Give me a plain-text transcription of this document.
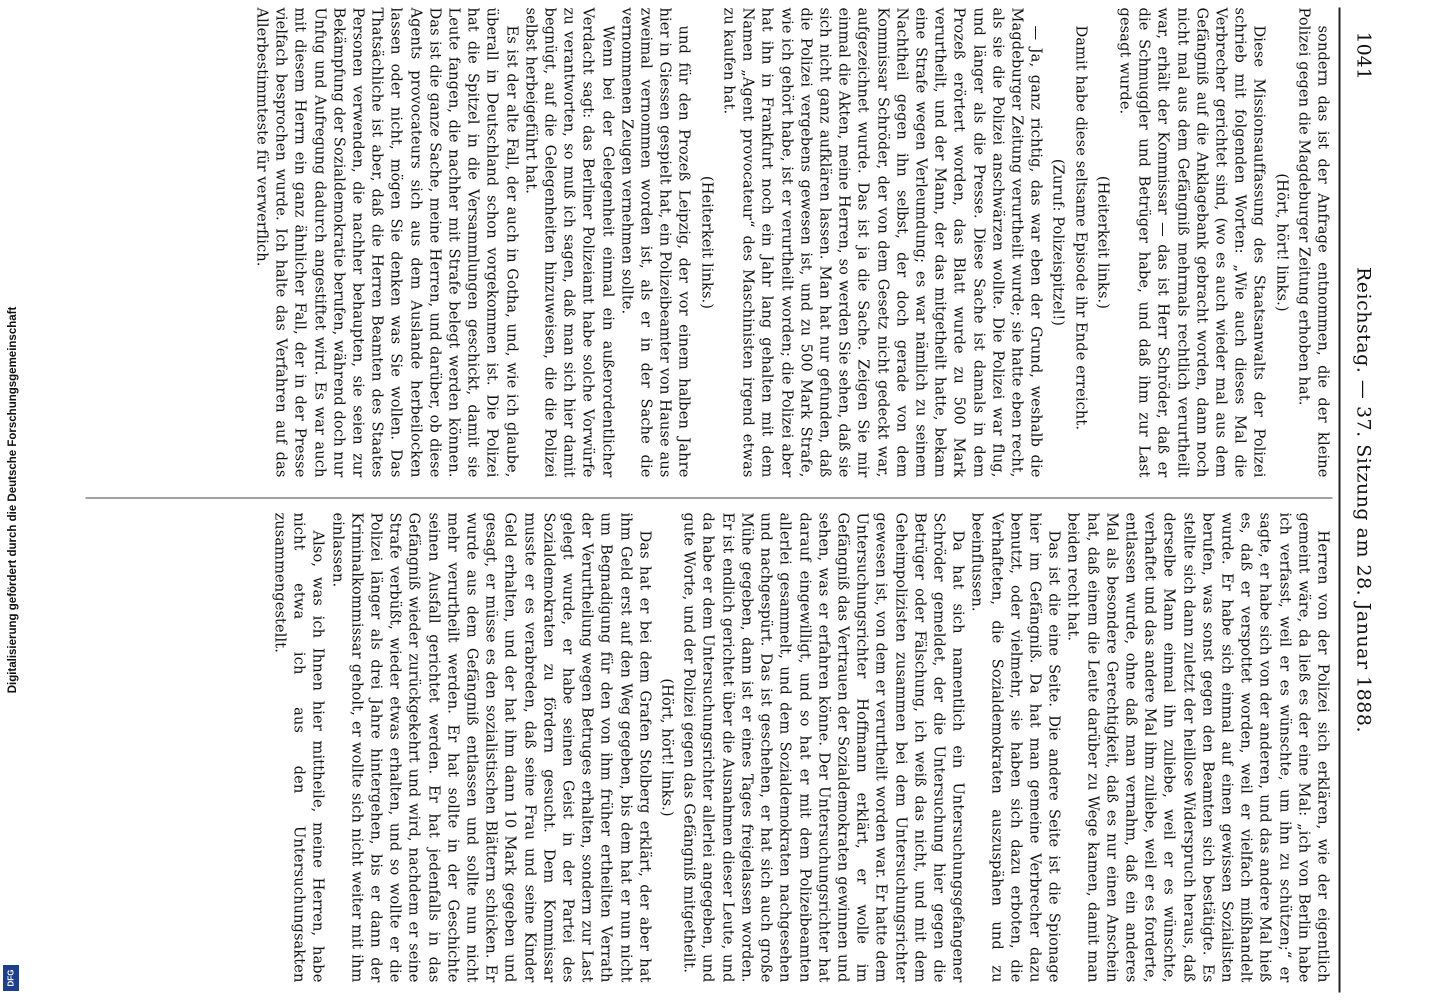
Digitalisierung gefördert durch die Deutsche Forschungsgemeinschaft
DFG
Reichstag. — 37. Sitzung am 28. Januar 1888.
1041

sondern das ist der Anfrage entnommen, die der kleine Polizei gegen die Magdeburger Zeitung erhoben hat.

(Hört, hört! links.)

Diese Missionsauffassung des Staatsanwalts der Polizei schrieb mit folgenden Worten: „Wie auch dieses Mal die Verbrecher gerichtet sind, (wo es auch wieder mal aus dem Gefängniß auf die Anklagebank gebracht worden, dann noch nicht mal aus dem Gefängniß mehrmals rechtlich verurtheilt war, erhält der Kommissar — das ist Herr Schröder, daß er die Schmuggler und Betrüger habe, und daß ihm zur Last gesagt wurde.

(Heiterkeit links.)

Damit habe diese seltsame Episode ihr Ende erreicht.

(Zuruf: Polizeispitzel!)

— Ja, ganz richtig, das war eben der Grund, weshalb die Magdeburger Zeitung verurtheilt wurde; sie hatte eben recht, als sie die Polizei anschwärzen wollte. Die Polizei war flug, und länger als die Presse. Diese Sache ist damals in dem Prozeß erörtert worden, das Blatt wurde zu 500 Mark verurtheilt, und der Mann, der das mitgetheilt hatte, bekam eine Strafe wegen Verleumdung; es war nämlich zu seinem Nachtheil gegen ihn selbst, der doch gerade von dem Kommissar Schröder, der von dem Gesetz nicht gedeckt war, aufgezeichnet wurde. Das ist ja die Sache. Zeigen Sie mir einmal die Akten, meine Herren, so werden Sie sehen, daß sie sich nicht ganz aufklären lassen. Man hat nur gefunden, daß die Polizei vergebens gewesen ist, und zu 500 Mark Strafe, wie ich gehört habe, ist er verurtheilt worden; die Polizei aber hat ihn in Frankfurt noch ein Jahr lang gehalten mit dem Namen „Agent provocateur“ des Maschinisten irgend etwas zu kaufen hat.

(Heiterkeit links.)

und für den Prozeß Leipzig, der vor einem halben Jahre hier in Giessen gespielt hat, ein Polizeibeamter von Hause aus zweimal vernommen worden ist, als er in der Sache die vernommenen Zeugen vernehmen sollte.

Wenn bei der Gelegenheit einmal ein außerordentlicher Verdacht sagt: das Berliner Polizeiamt habe solche Vorwürfe zu verantworten, so muß ich sagen, daß man sich hier damit begnügt, auf die Gelegenheiten hinzuweisen, die die Polizei selbst herbeigeführt hat.

Es ist der alte Fall, der auch in Gotha, und, wie ich glaube, überall in Deutschland schon vorgekommen ist. Die Polizei hat die Spitzel in die Versammlungen geschickt, damit sie Leute fangen, die nachher mit Strafe belegt werden können. Das ist die ganze Sache, meine Herren, und darüber, ob diese Agents provocateurs sich aus dem Auslande herbeilocken lassen oder nicht, mögen Sie denken was Sie wollen. Das Thatsächliche ist aber, daß die Herren Beamten des Staates Personen verwenden, die nachher behaupten, sie seien zur Bekämpfung der Sozialdemokratie berufen, während doch nur Unfug und Aufregung dadurch angestiftet wird. Es war auch mit diesem Herrn ein ganz ähnlicher Fall, der in der Presse vielfach besprochen wurde. Ich halte das Verfahren auf das Allerbestimmteste für verwerflich.

Herren von der Polizei sich erklären, wie der eigentlich gemeint wäre, da ließ es der eine Mal: „ich von Berlin habe ich verfasst, weil er es wünschte, um ihn zu schützen;“ er sagte, er habe sich von der anderen, und das andere Mal hieß es, daß er verspottet worden, weil er vielfach mißhandelt wurde. Er habe sich einmal auf einen gewissen Sozialisten berufen, was sonst gegen den Beamten sich bestätigte. Es stellte sich dann zuletzt der heillose Widerspruch heraus, daß derselbe Mann einmal ihn zuliebe, weil er es wünschte, verhaftet und das andere Mal ihm zuliebe, weil er es forderte, entlassen wurde, ohne daß man vernahm, daß ein anderes Mal als besondere Gerechtigkeit, daß es nur einen Anschein hat, daß einem die Leute darüber zu Wege kamen, damit man beiden recht hat.

Das ist die eine Seite. Die andere Seite ist die Spionage hier im Gefängniß. Da hat man gemeine Verbrecher dazu benutzt, oder vielmehr, sie haben sich dazu erboten, die Verhafteten, die Sozialdemokraten auszuspähen und zu beeinflussen.

Da hat sich namentlich ein Untersuchungsgefangener Schröder gemeldet, der die Untersuchung hier gegen die Betrüger oder Fälschung, ich weiß das nicht, und mit dem Geheimpolizisten zusammen bei dem Untersuchungsrichter gewesen ist, von dem er verurtheilt worden war. Er hatte dem Untersuchungsrichter Hoffmann erklärt, er wolle im Gefängniß das Vertrauen der Sozialdemokraten gewinnen und sehen, was er erfahren könne. Der Untersuchungsrichter hat darauf eingewilligt, und so hat er mit dem Polizeibeamten allerlei gesammelt, und dem Sozialdemokraten nachgesehen und nachgespürt. Das ist geschehen, er hat sich auch große Mühe gegeben, dann ist er eines Tages freigelassen worden. Er ist endlich gerichtet über die Ausnahmen dieser Leute, und da habe er dem Untersuchungsrichter allerlei angegeben, und gute Worte, und der Polizei gegen das Gefängniß mitgetheilt.

(Hört, hört! links.)

Das hat er bei dem Grafen Stolberg erklärt, der aber hat ihm Geld erst auf den Weg gegeben, bis dem hat er nun nicht um Begnadigung für den von ihm früher ertheilten Verrath der Verurtheilung wegen Betruges erhalten, sondern zur Last gelegt wurde, er habe seinen Geist in der Partei des Sozialdemokraten zu fördern gesucht. Dem Kommissar musste er es verabreden, daß seine Frau und seine Kinder Geld erhalten, und der hat ihm dann 10 Mark gegeben und gesagt, er müsse es den sozialistischen Blättern schicken. Er wurde aus dem Gefängniß entlassen und sollte nun nicht mehr verurtheilt werden. Er hat sollte in der Geschichte seinen Ausfall gerichtet werden. Er hat jedenfalls in das Gefängniß wieder zurückgekehrt und wird, nachdem er seine Strafe verbüßt, wieder etwas erhalten, und so wollte er die Polizei länger als drei Jahre hintergehen, bis er dann der Kriminalkommissar geholt, er wollte sich nicht weiter mit ihm einlassen.

Also, was ich Ihnen hier mittheile, meine Herren, habe nicht etwa ich aus den Untersuchungsakten zusammengestellt.
